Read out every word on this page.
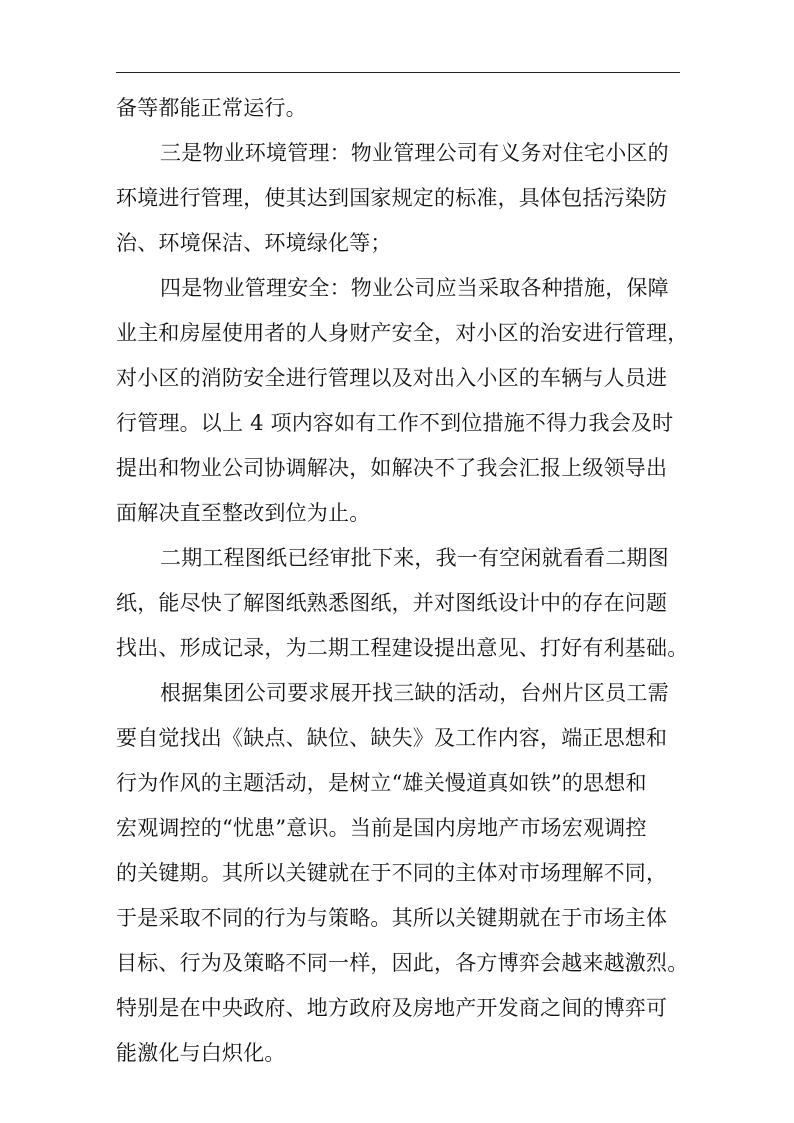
备等都能正常运行。
三是物业环境管理：物业管理公司有义务对住宅小区的
环境进行管理，使其达到国家规定的标准，具体包括污染防
治、环境保洁、环境绿化等；
四是物业管理安全：物业公司应当采取各种措施，保障
业主和房屋使用者的人身财产安全，对小区的治安进行管理，
对小区的消防安全进行管理以及对出入小区的车辆与人员进
行管理。以上 4 项内容如有工作不到位措施不得力我会及时
提出和物业公司协调解决，如解决不了我会汇报上级领导出
面解决直至整改到位为止。
二期工程图纸已经审批下来，我一有空闲就看看二期图
纸，能尽快了解图纸熟悉图纸，并对图纸设计中的存在问题
找出、形成记录，为二期工程建设提出意见、打好有利基础。
根据集团公司要求展开找三缺的活动，台州片区员工需
要自觉找出《缺点、缺位、缺失》及工作内容，端正思想和
行为作风的主题活动，是树立“雄关慢道真如铁”的思想和
宏观调控的“忧患”意识。当前是国内房地产市场宏观调控
的关键期。其所以关键就在于不同的主体对市场理解不同，
于是采取不同的行为与策略。其所以关键期就在于市场主体
目标、行为及策略不同一样，因此，各方博弈会越来越激烈。
特别是在中央政府、地方政府及房地产开发商之间的博弈可
能激化与白炽化。
